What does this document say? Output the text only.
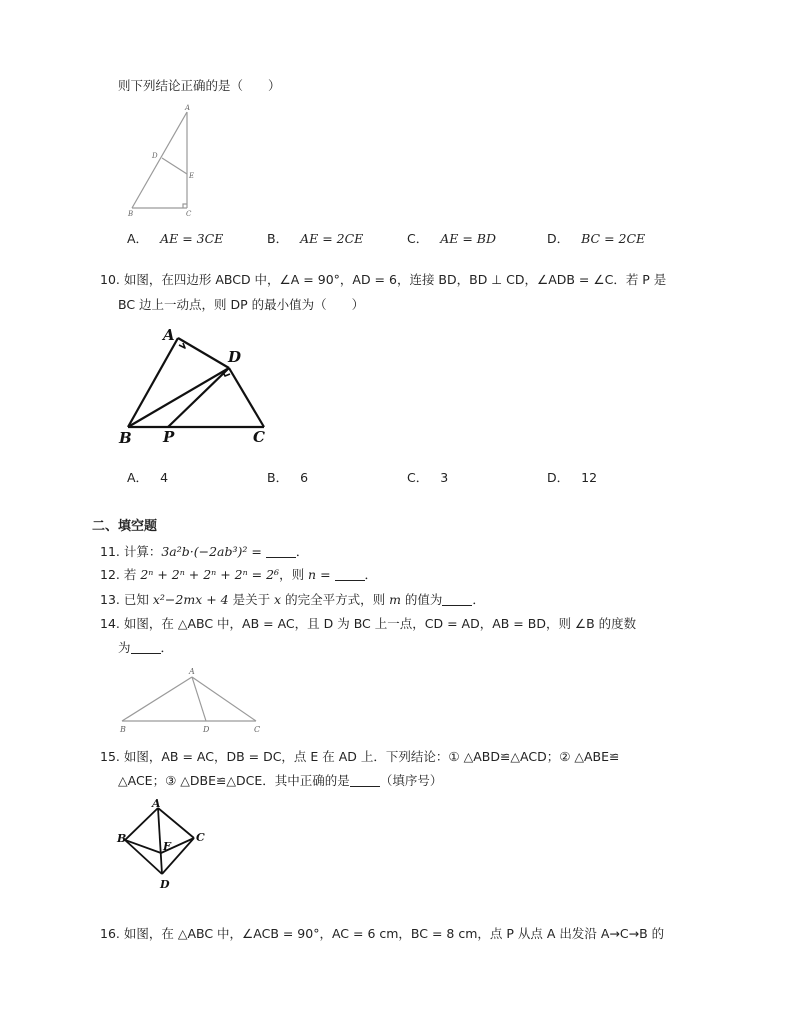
则下列结论正确的是（　　）
A
D
E
B	C
A． AE = 3CE	B． AE = 2CE	C． AE = BD	D． BC = 2CE
10. 如图，在四边形 ABCD 中，∠A = 90°，AD = 6，连接 BD，BD ⊥ CD，∠ADB = ∠C．若 P 是
BC 边上一动点，则 DP 的最小值为（　　）
A
D
B P	C
A． 4	B． 6	C． 3	D． 12
二、填空题
11. 计算：3a²b·(−2ab³)² =	．
12. 若 2ⁿ + 2ⁿ + 2ⁿ + 2ⁿ = 2⁶，则 n = ．
13. 已知 x²−2mx + 4 是关于 x 的完全平方式，则 m 的值为 ．
14. 如图，在 △ABC 中，AB = AC，且 D 为 BC 上一点，CD = AD，AB = BD，则 ∠B 的度数
为 ．
A
B	D	C
15. 如图，AB = AC，DB = DC，点 E 在 AD 上．下列结论：① △ABD≌△ACD；② △ABE≌
△ACE；③ △DBE≌△DCE．其中正确的是 （填序号）
A
B	C
E
D
16. 如图，在 △ABC 中，∠ACB = 90°，AC = 6 cm，BC = 8 cm，点 P 从点 A 出发沿 A→C→B 的
